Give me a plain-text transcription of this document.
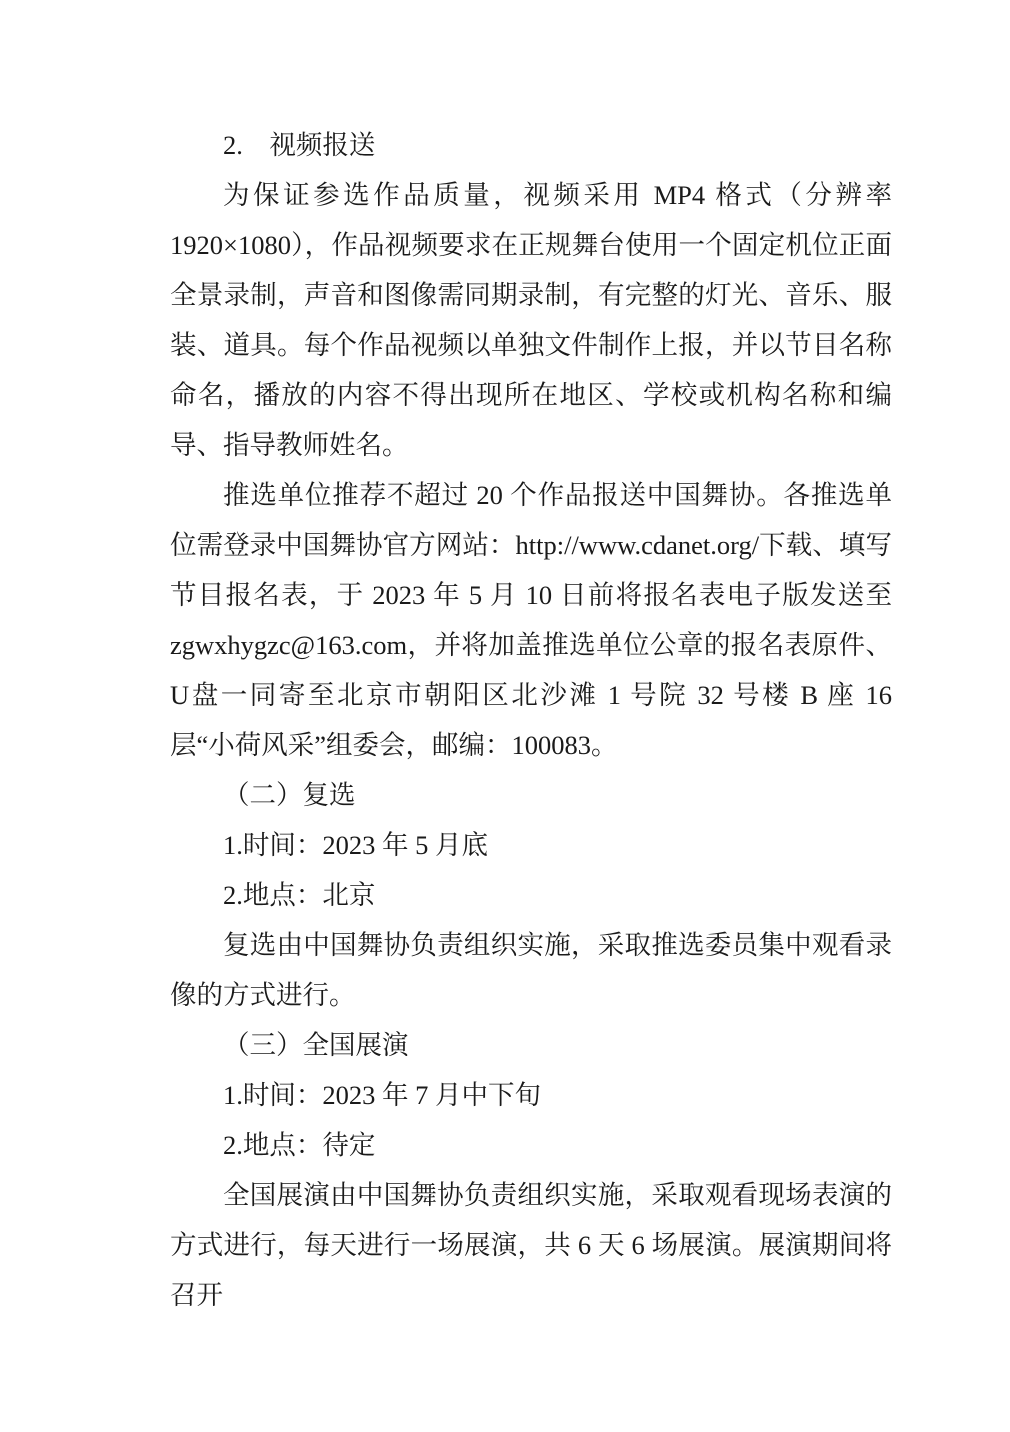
2.　视频报送

为保证参选作品质量，视频采用 MP4 格式（分辨率1920×1080），作品视频要求在正规舞台使用一个固定机位正面全景录制，声音和图像需同期录制，有完整的灯光、音乐、服装、道具。每个作品视频以单独文件制作上报，并以节目名称命名，播放的内容不得出现所在地区、学校或机构名称和编导、指导教师姓名。

推选单位推荐不超过 20 个作品报送中国舞协。各推选单位需登录中国舞协官方网站：http://www.cdanet.org/下载、填写节目报名表，于 2023 年 5 月 10 日前将报名表电子版发送至 zgwxhygzc@163.com，并将加盖推选单位公章的报名表原件、U盘一同寄至北京市朝阳区北沙滩 1 号院 32 号楼 B 座 16 层“小荷风采”组委会，邮编：100083。

（二）复选

1.时间：2023 年 5 月底

2.地点：北京

复选由中国舞协负责组织实施，采取推选委员集中观看录像的方式进行。

（三）全国展演

1.时间：2023 年 7 月中下旬

2.地点：待定

全国展演由中国舞协负责组织实施，采取观看现场表演的方式进行，每天进行一场展演，共 6 天 6 场展演。展演期间将召开
